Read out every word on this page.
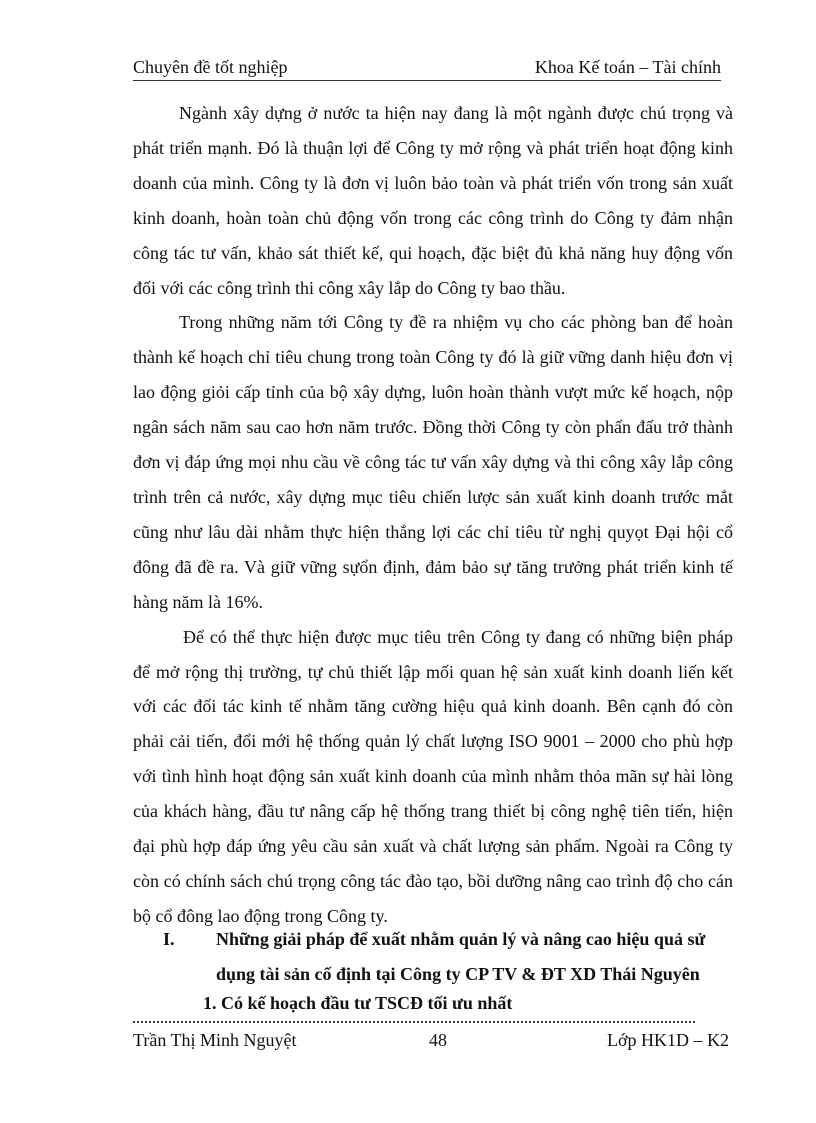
Chuyên đề tốt nghiệp	Khoa Kế toán – Tài chính

Ngành xây dựng ở nước ta hiện nay đang là một ngành được chú trọng và phát triển mạnh. Đó là thuận lợi để Công ty mở rộng và phát triển hoạt động kinh doanh của mình. Công ty là đơn vị luôn bảo toàn và phát triển vốn trong sản xuất kinh doanh, hoàn toàn chủ động vốn trong các công trình do Công ty đảm nhận công tác tư vấn, khảo sát thiết kế, qui hoạch, đặc biệt đủ khả năng huy động vốn đối với các công trình thi công xây lắp do Công ty bao thầu.

Trong những năm tới Công ty đề ra nhiệm vụ cho các phòng ban để hoàn thành kế hoạch chỉ tiêu chung trong toàn Công ty đó là giữ vững danh hiệu đơn vị lao động giỏi cấp tỉnh của bộ xây dựng, luôn hoàn thành vượt mức kế hoạch, nộp ngân sách năm sau cao hơn năm trước. Đồng thời Công ty còn phấn đấu trở thành đơn vị đáp ứng mọi nhu cầu về công tác tư vấn xây dựng và thi công xây lắp công trình trên cả nước, xây dựng mục tiêu chiến lược sản xuất kinh doanh trước mắt cũng như lâu dài nhằm thực hiện thắng lợi các chỉ tiêu từ nghị quyọt Đại hội cổ đông đã đề ra. Và giữ vững sựổn định, đảm bảo sự tăng trưởng phát triển kinh tế hàng năm là 16%.

Để có thể thực hiện được mục tiêu trên Công ty đang có những biện pháp để mở rộng thị trường, tự chủ thiết lập mối quan hệ sản xuất kinh doanh liến kết với các đối tác kinh tế nhằm tăng cường hiệu quả kinh doanh. Bên cạnh đó còn phải cải tiến, đổi mới hệ thống quản lý chất lượng ISO 9001 – 2000 cho phù hợp với tình hình hoạt động sản xuất kinh doanh của mình nhằm thỏa mãn sự hài lòng của khách hàng, đầu tư nâng cấp hệ thống trang thiết bị công nghệ tiên tiến, hiện đại phù hợp đáp ứng yêu cầu sản xuất và chất lượng sản phẩm. Ngoài ra Công ty còn có chính sách chú trọng công tác đào tạo, bồi dưỡng nâng cao trình độ cho cán bộ cổ đông lao động trong Công ty.

I. Những giải pháp để xuất nhằm quản lý và nâng cao hiệu quả sử dụng tài sản cố định tại Công ty CP TV & ĐT XD Thái Nguyên
1. Có kế hoạch đầu tư TSCĐ tối ưu nhất
Trần Thị Minh Nguyệt	48	Lớp HK1D – K2
